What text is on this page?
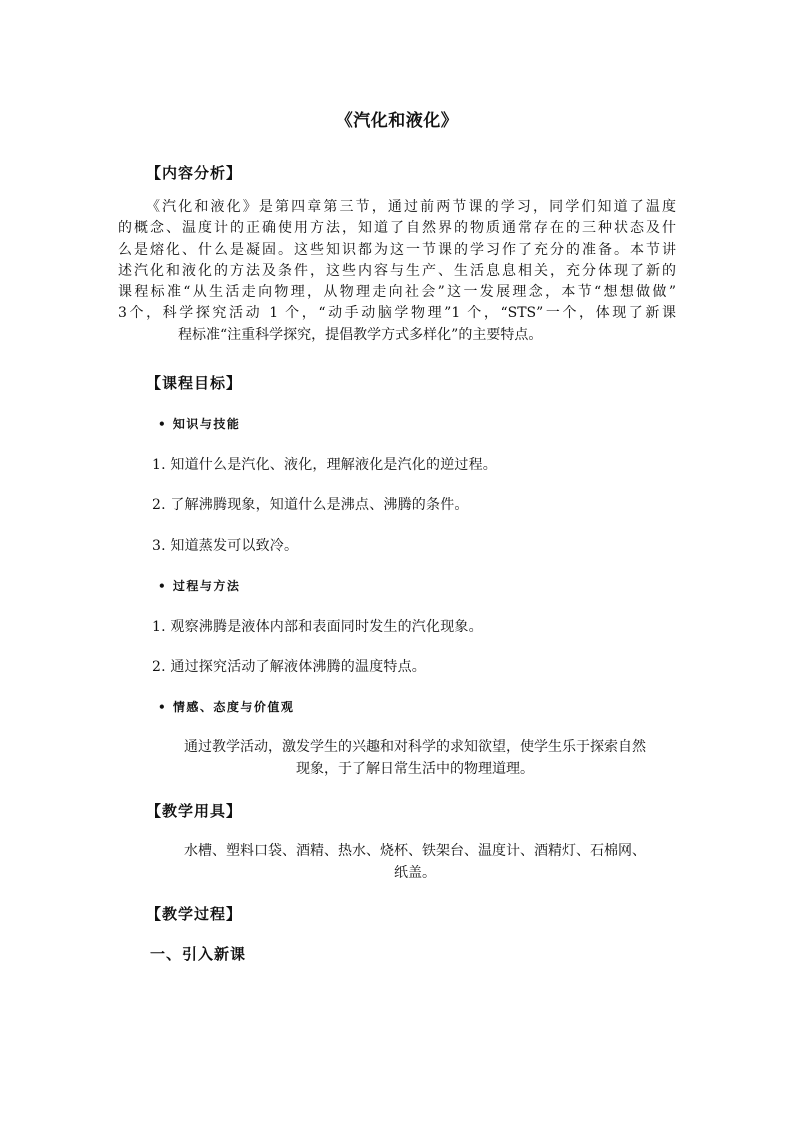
《汽化和液化》
【内容分析】
《汽化和液化》是第四章第三节，通过前两节课的学习，同学们知道了温度
的概念、温度计的正确使用方法，知道了自然界的物质通常存在的三种状态及什
么是熔化、什么是凝固。这些知识都为这一节课的学习作了充分的准备。本节讲
述汽化和液化的方法及条件，这些内容与生产、生活息息相关，充分体现了新的
课程标准“从生活走向物理，从物理走向社会”这一发展理念，本节“想想做做”
3个，科学探究活动 1 个，“动手动脑学物理”1 个，“STS”一个，体现了新课
程标准“注重科学探究，提倡教学方式多样化”的主要特点。
【课程目标】
• 知识与技能
1. 知道什么是汽化、液化，理解液化是汽化的逆过程。
2. 了解沸腾现象，知道什么是沸点、沸腾的条件。
3. 知道蒸发可以致冷。
• 过程与方法
1. 观察沸腾是液体内部和表面同时发生的汽化现象。
2. 通过探究活动了解液体沸腾的温度特点。
• 情感、态度与价值观
通过教学活动，激发学生的兴趣和对科学的求知欲望，使学生乐于探索自然
现象，于了解日常生活中的物理道理。
【教学用具】
水槽、塑料口袋、酒精、热水、烧杯、铁架台、温度计、酒精灯、石棉网、
纸盖。
【教学过程】
一、引入新课
